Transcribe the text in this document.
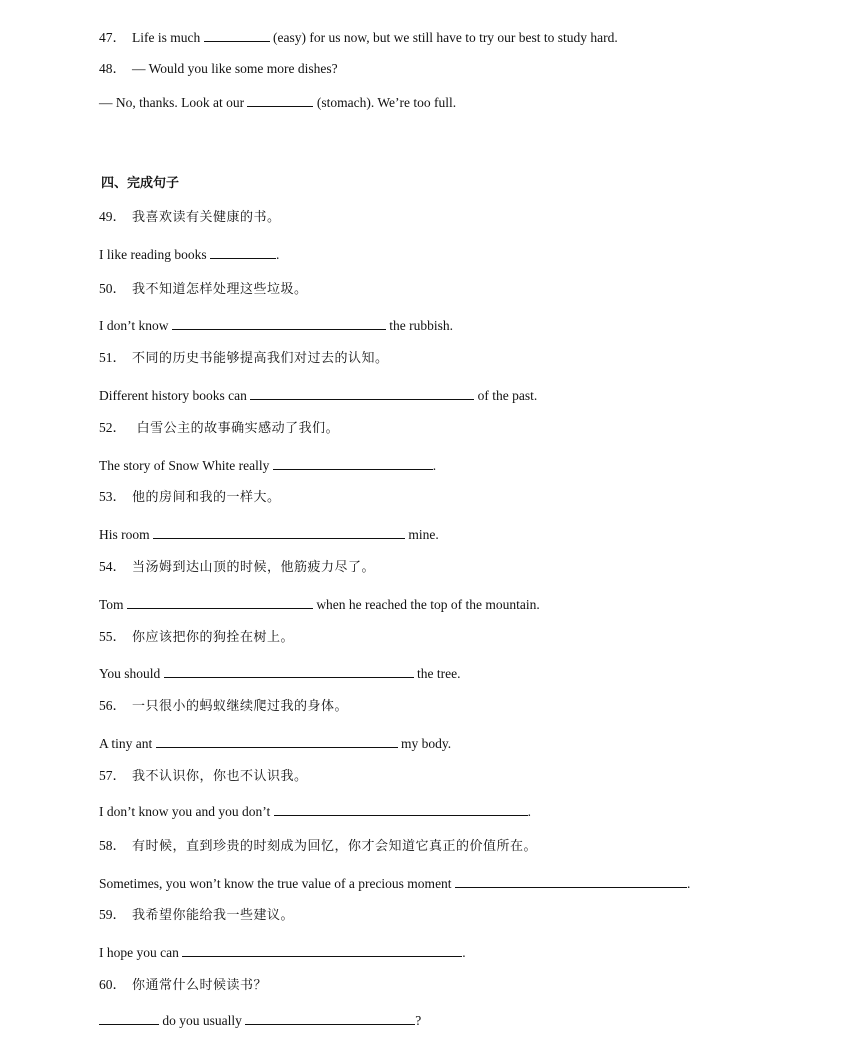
47． Life is much	(easy) for us now, but we still have to try our best to study hard.
48． — Would you like some more dishes?
— No, thanks. Look at our	(stomach). We’re too full.
四、完成句子
49． 我喜欢读有关健康的书。
I like reading books	.
50． 我不知道怎样处理这些垃圾。
I don’t know	the rubbish.
51． 不同的历史书能够提高我们对过去的认知。
Different history books can	of the past.
52． 白雪公主的故事确实感动了我们。
The story of Snow White really	.
53． 他的房间和我的一样大。
His room	mine.
54． 当汤姆到达山顶的时候，他筋疲力尽了。
Tom	when he reached the top of the mountain.
55． 你应该把你的狗拴在树上。
You should	the tree.
56． 一只很小的蚂蚁继续爬过我的身体。
A tiny ant	my body.
57． 我不认识你，你也不认识我。
I don’t know you and you don’t	.
58． 有时候，直到珍贵的时刻成为回忆，你才会知道它真正的价值所在。
Sometimes, you won’t know the true value of a precious moment	.
59． 我希望你能给我一些建议。
I hope you can	.
60． 你通常什么时候读书？
do you usually	?
